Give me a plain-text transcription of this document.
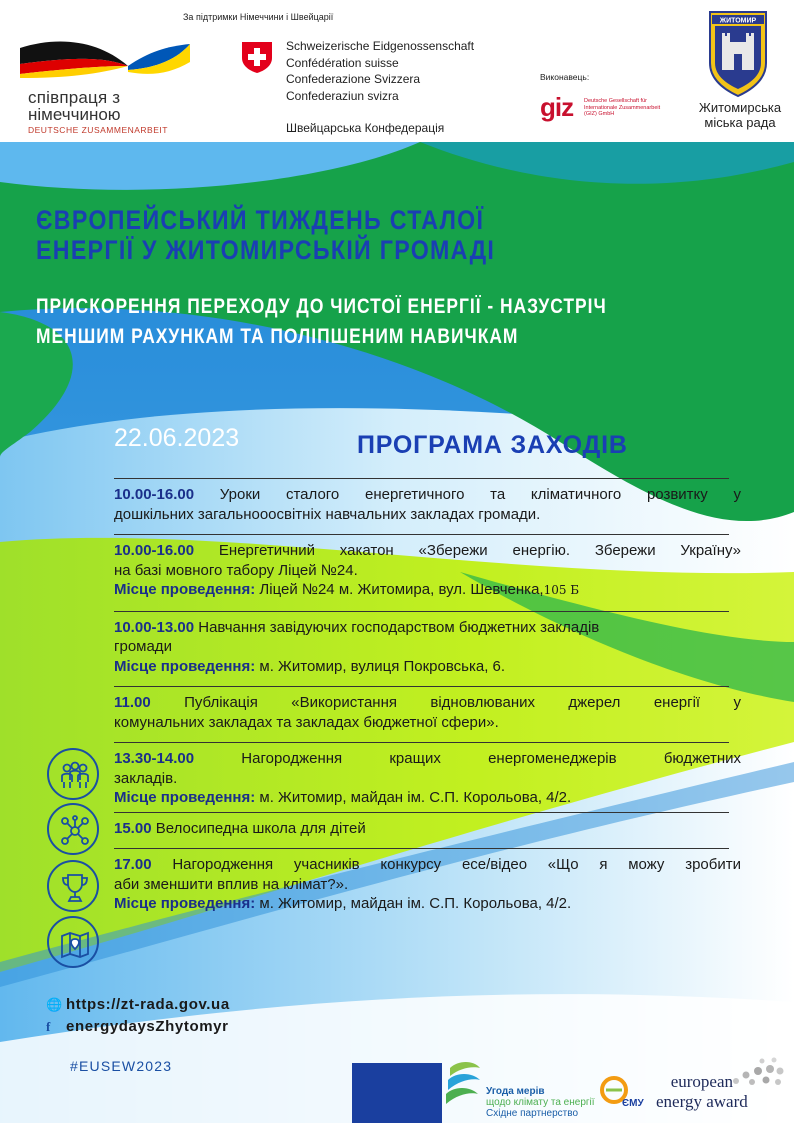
співпраця з
німеччиною
DEUTSCHE ZUSAMMENARBEIT
За підтримки Німеччини і Швейцарії
Schweizerische Eidgenossenschaft
Confédération suisse
Confederazione Svizzera
Confederaziun svizra
Швейцарська Конфедерація
Виконавець:
giz Deutsche Gesellschaft für Internationale Zusammenarbeit (GIZ) GmbH
ЖИТОМИР
Житомирська
міська рада
ЄВРОПЕЙСЬКИЙ ТИЖДЕНЬ СТАЛОЇ
ЕНЕРГІЇ У ЖИТОМИРСЬКІЙ ГРОМАДІ
ПРИСКОРЕННЯ ПЕРЕХОДУ ДО ЧИСТОЇ ЕНЕРГІЇ - НАЗУСТРІЧ
МЕНШИМ РАХУНКАМ ТА ПОЛІПШЕНИМ НАВИЧКАМ
22.06.2023	ПРОГРАМА ЗАХОДІВ
10.00-16.00 Уроки сталого енергетичного та кліматичного розвитку у
дошкільних загальнооосвітніх навчальних закладах громади.
10.00-16.00 Енергетичний хакатон «Збережи енергію. Збережи Україну»
на базі мовного табору Ліцей №24.
Місце проведення: Ліцей №24 м. Житомира, вул. Шевченка,105 Б
10.00-13.00 Навчання завідуючих господарством бюджетних закладів
громади
Місце проведення: м. Житомир, вулиця Покровська, 6.
11.00 Публікація «Використання відновлюваних джерел енергії у
комунальних закладах та закладах бюджетної сфери».
13.30-14.00 Нагородження кращих енергоменеджерів бюджетних
закладів.
Місце проведення: м. Житомир, майдан ім. С.П. Корольова, 4/2.
15.00 Велосипедна школа для дітей
17.00 Нагородження учасників конкурсу есе/відео «Що я можу зробити
аби зменшити вплив на клімат?».
Місце проведення: м. Житомир, майдан ім. С.П. Корольова, 4/2.
🌐 https://zt-rada.gov.ua
f energydaysZhytomyr
#EUSEW2023
Угода мерів
щодо клімату та енергії
Східне партнерство
ЄМУ
european
energy award
